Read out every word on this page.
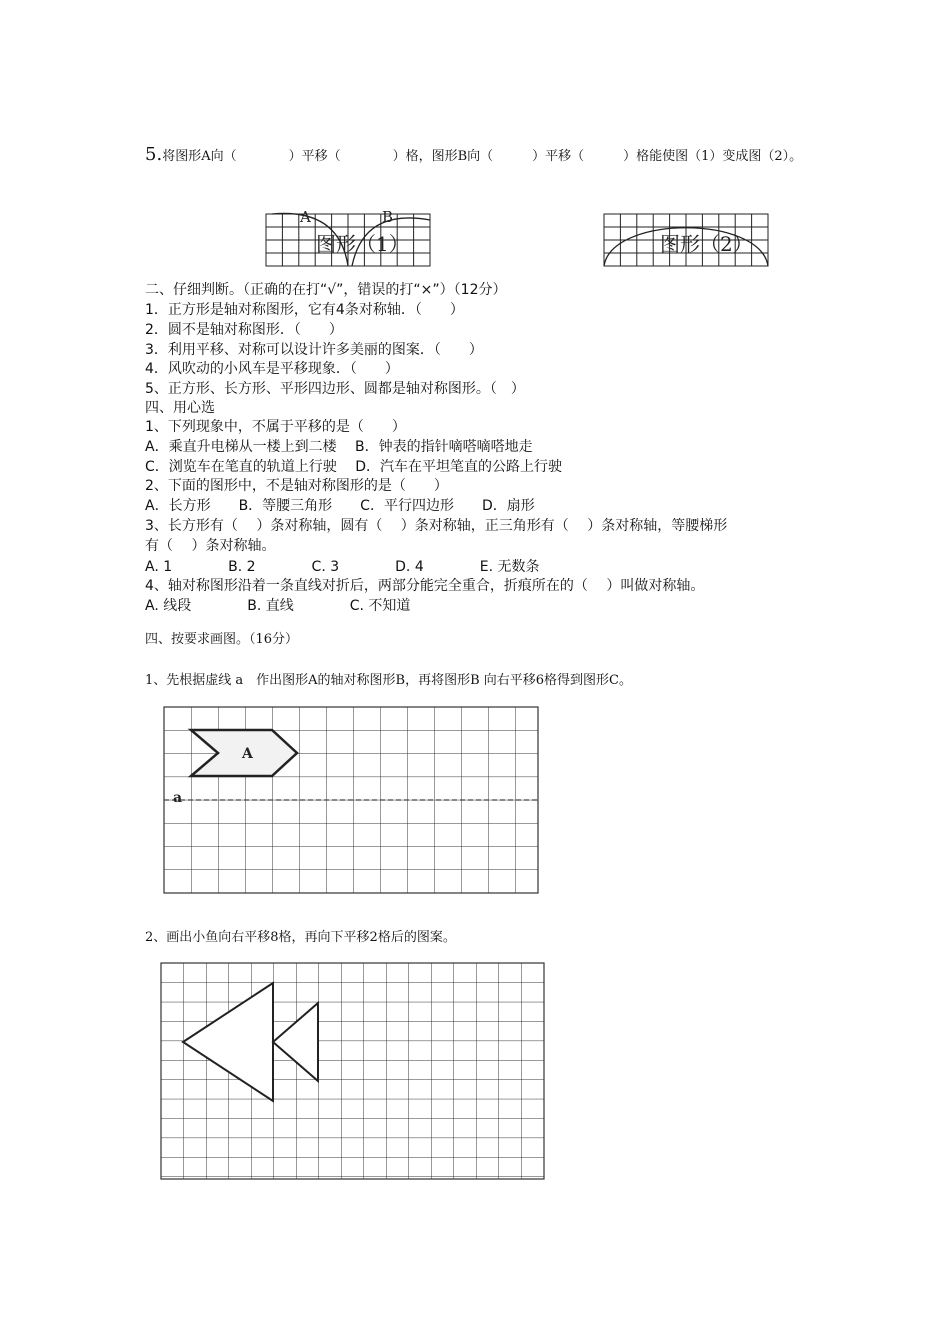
5.将图形A向（　　　　）平移（　　　　）格，图形B向（　　　）平移（　　　）格能使图（1）变成图（2）。
A	B
图形（1）	图形（2）
二、仔细判断。（正确的在打“√”，错误的打“×”）（12分）
1．正方形是轴对称图形，它有4条对称轴．（　　）
2．圆不是轴对称图形．（　　）
3．利用平移、对称可以设计许多美丽的图案．（　　）
4．风吹动的小风车是平移现象．（　　）
5、正方形、长方形、平形四边形、圆都是轴对称图形。（　）
四、用心选
1、下列现象中，不属于平移的是（　　）
A．乘直升电梯从一楼上到二楼　 B．钟表的指针嘀嗒嘀嗒地走
C．浏览车在笔直的轨道上行驶　 D．汽车在平坦笔直的公路上行驶
2、下面的图形中，不是轴对称图形的是（　　）
A．长方形　　B．等腰三角形　　C．平行四边形　　D．扇形
3、长方形有（　 ）条对称轴，圆有（　 ）条对称轴，正三角形有（　 ）条对称轴，等腰梯形
有（　 ）条对称轴。
A. 1　　　　B. 2　　　　C. 3　　　　D. 4　　　　E. 无数条
4、轴对称图形沿着一条直线对折后，两部分能完全重合，折痕所在的（　 ）叫做对称轴。
A. 线段　　　　B. 直线　　　　C. 不知道
四、按要求画图。（16分）
1、先根据虚线 a　作出图形A的轴对称图形B，再将图形B 向右平移6格得到图形C。
A
a
2、画出小鱼向右平移8格，再向下平移2格后的图案。
